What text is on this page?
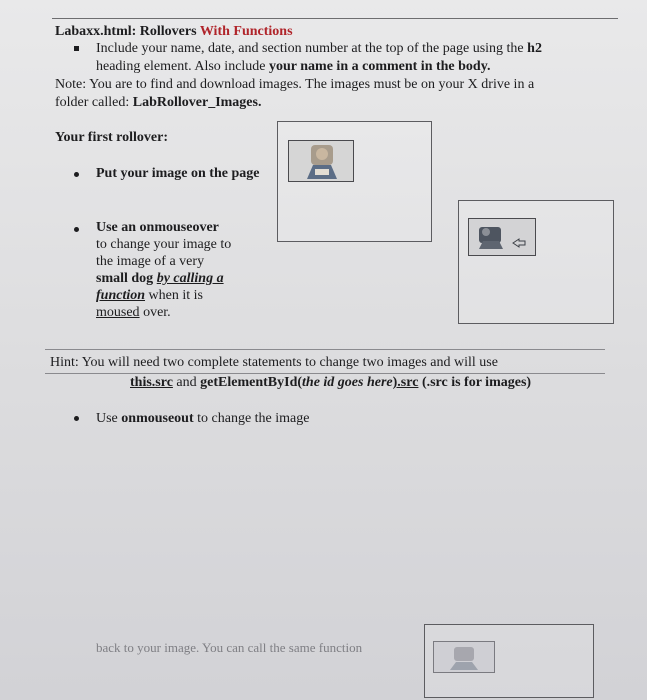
Labaxx.html: Rollovers With Functions
Include your name, date, and section number at the top of the page using the h2
heading element. Also include your name in a comment in the body.
Note: You are to find and download images. The images must be on your X drive in a
folder called: LabRollover_Images.
Your first rollover:
Put your image on the page
Use an onmouseover
to change your image to
the image of a very
small dog by calling a
function when it is
moused over.
Hint: You will need two complete statements to change two images and will use
this.src and getElementById(the id goes here).src (.src is for images)
Use onmouseout to change the image
back to your image. You can call the same function
